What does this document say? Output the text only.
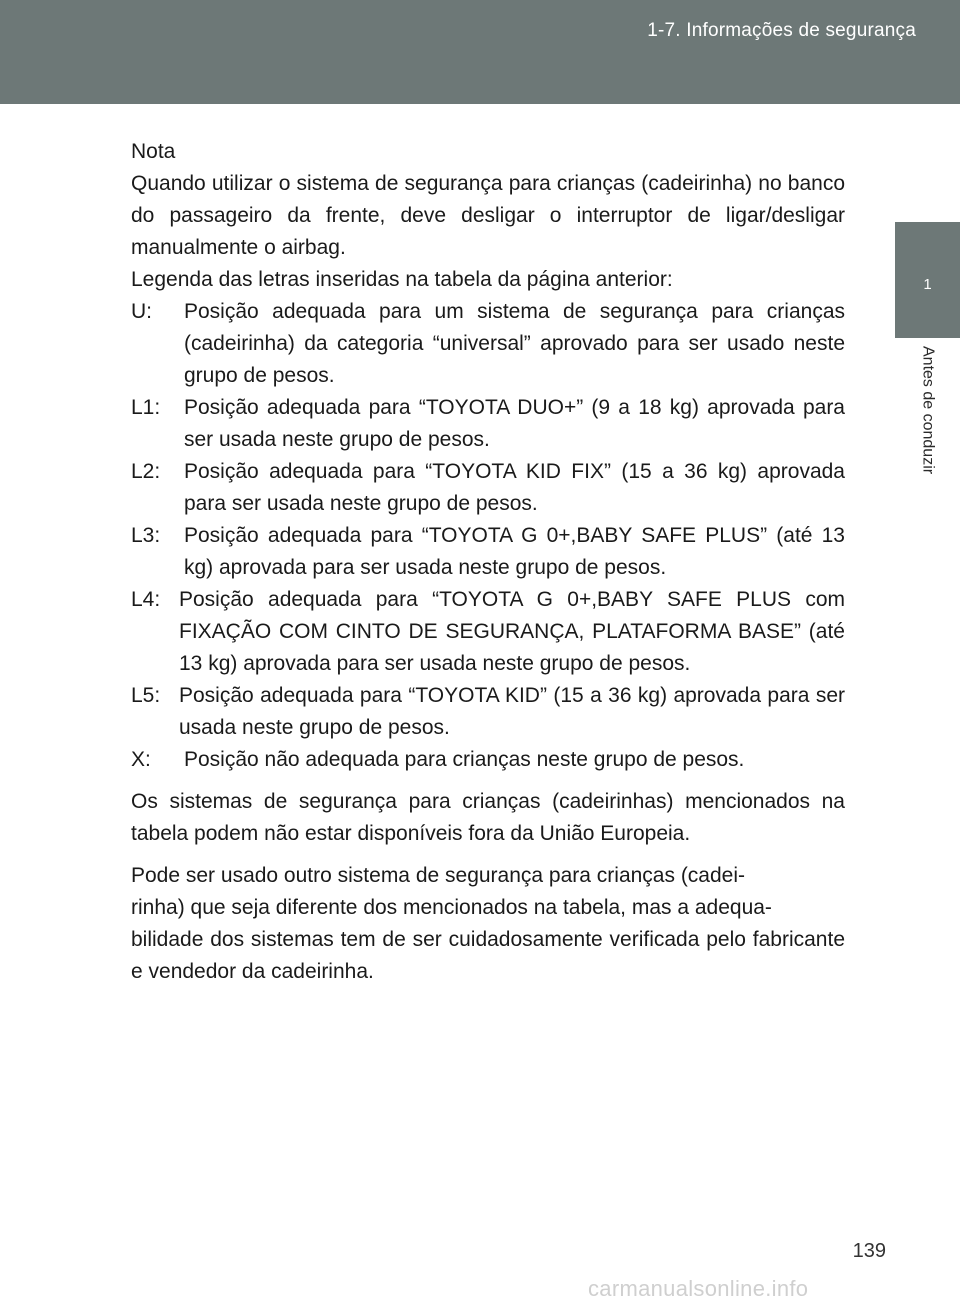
1-7. Informações de segurança
1
Antes de conduzir

Nota

Quando utilizar o sistema de segurança para crianças (cadeirinha) no banco do passageiro da frente, deve desligar o interruptor de ligar/desligar manualmente o airbag.

Legenda das letras inseridas na tabela da página anterior:

U:	Posição adequada para um sistema de segurança para crianças (cadeirinha) da categoria “universal” aprovado para ser usado neste grupo de pesos.
L1:	Posição adequada para “TOYOTA DUO+” (9 a 18 kg) aprovada para ser usada neste grupo de pesos.
L2:	Posição adequada para “TOYOTA KID FIX” (15 a 36 kg) aprovada para ser usada neste grupo de pesos.
L3:	Posição adequada para “TOYOTA G 0+,BABY SAFE PLUS” (até 13 kg) aprovada para ser usada neste grupo de pesos.
L4: Posição adequada para “TOYOTA G 0+,BABY SAFE PLUS com FIXAÇÃO COM CINTO DE SEGURANÇA, PLATAFORMA BASE” (até 13 kg) aprovada para ser usada neste grupo de pesos.
L5: Posição adequada para “TOYOTA KID” (15 a 36 kg) aprovada para ser usada neste grupo de pesos.
X:	Posição não adequada para crianças neste grupo de pesos.

Os sistemas de segurança para crianças (cadeirinhas) mencionados na tabela podem não estar disponíveis fora da União Europeia.

Pode ser usado outro sistema de segurança para crianças (cadei-
rinha) que seja diferente dos mencionados na tabela, mas a adequa-

bilidade dos sistemas tem de ser cuidadosamente verificada pelo fabricante e vendedor da cadeirinha.

139
carmanualsonline.info
